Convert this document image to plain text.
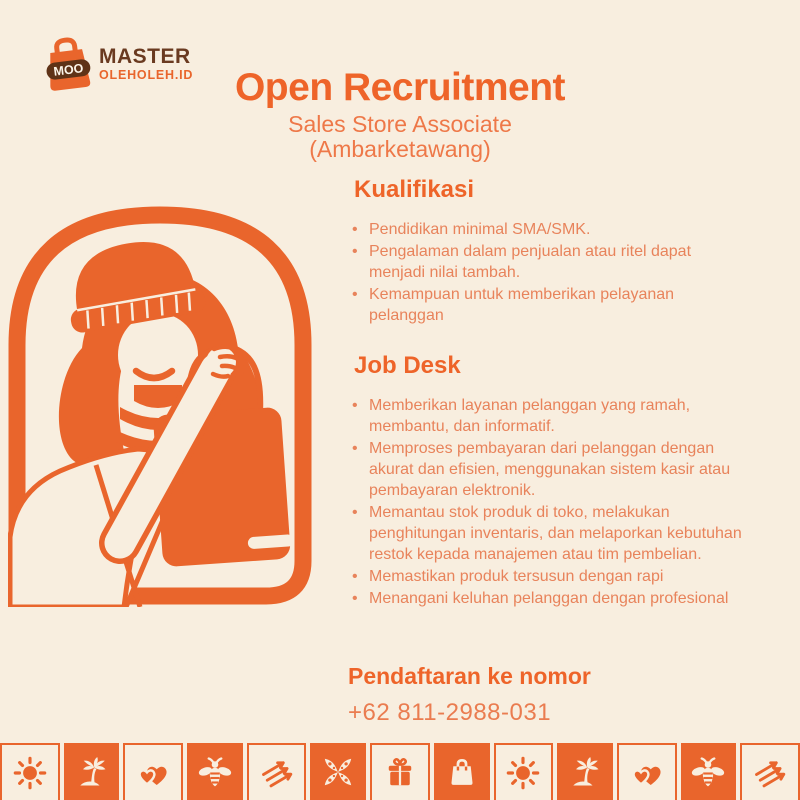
MOO
MASTER
OLEHOLEH.ID	Open Recruitment
Sales Store Associate
(Ambarketawang)
Kualifikasi
• Pendidikan minimal SMA/SMK.
• Pengalaman dalam penjualan atau ritel dapat menjadi nilai tambah.
• Kemampuan untuk memberikan pelayanan pelanggan
Job Desk
• Memberikan layanan pelanggan yang ramah, membantu, dan informatif.
• Memproses pembayaran dari pelanggan dengan akurat dan efisien, menggunakan sistem kasir atau pembayaran elektronik.
• Memantau stok produk di toko, melakukan penghitungan inventaris, dan melaporkan kebutuhan restok kepada manajemen atau tim pembelian.
• Memastikan produk tersusun dengan rapi
• Menangani keluhan pelanggan dengan profesional
Pendaftaran ke nomor
+62 811-2988-031
